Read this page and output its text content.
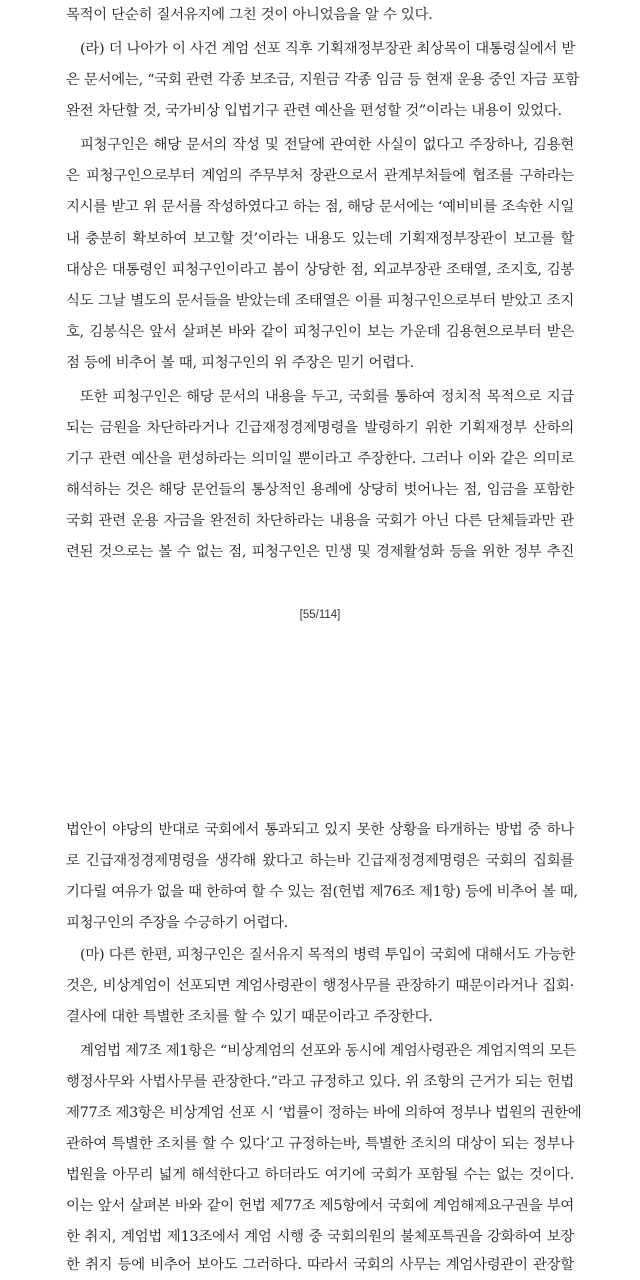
목적이 단순히 질서유지에 그친 것이 아니었음을 알 수 있다.
(라) 더 나아가 이 사건 계엄 선포 직후 기획재정부장관 최상목이 대통령실에서 받
은 문서에는, “국회 관련 각종 보조금, 지원금 각종 임금 등 현재 운용 중인 자금 포함
완전 차단할 것, 국가비상 입법기구 관련 예산을 편성할 것”이라는 내용이 있었다.
피청구인은 해당 문서의 작성 및 전달에 관여한 사실이 없다고 주장하나, 김용현
은 피청구인으로부터 계엄의 주무부처 장관으로서 관계부처들에 협조를 구하라는
지시를 받고 위 문서를 작성하였다고 하는 점, 해당 문서에는 ‘예비비를 조속한 시일
내 충분히 확보하여 보고할 것’이라는 내용도 있는데 기획재정부장관이 보고를 할
대상은 대통령인 피청구인이라고 봄이 상당한 점, 외교부장관 조태열, 조지호, 김봉
식도 그날 별도의 문서들을 받았는데 조태열은 이를 피청구인으로부터 받았고 조지
호, 김봉식은 앞서 살펴본 바와 같이 피청구인이 보는 가운데 김용현으로부터 받은
점 등에 비추어 볼 때, 피청구인의 위 주장은 믿기 어렵다.
또한 피청구인은 해당 문서의 내용을 두고, 국회를 통하여 정치적 목적으로 지급
되는 금원을 차단하라거나 긴급재정경제명령을 발령하기 위한 기획재정부 산하의
기구 관련 예산을 편성하라는 의미일 뿐이라고 주장한다. 그러나 이와 같은 의미로
해석하는 것은 해당 문언들의 통상적인 용례에 상당히 벗어나는 점, 임금을 포함한
국회 관련 운용 자금을 완전히 차단하라는 내용을 국회가 아닌 다른 단체들과만 관
련된 것으로는 볼 수 없는 점, 피청구인은 민생 및 경제활성화 등을 위한 정부 추진
[55/114]
법안이 야당의 반대로 국회에서 통과되고 있지 못한 상황을 타개하는 방법 중 하나
로 긴급재정경제명령을 생각해 왔다고 하는바 긴급재정경제명령은 국회의 집회를
기다릴 여유가 없을 때 한하여 할 수 있는 점(헌법 제76조 제1항) 등에 비추어 볼 때,
피청구인의 주장을 수긍하기 어렵다.
(마) 다른 한편, 피청구인은 질서유지 목적의 병력 투입이 국회에 대해서도 가능한
것은, 비상계엄이 선포되면 계엄사령관이 행정사무를 관장하기 때문이라거나 집회·
결사에 대한 특별한 조치를 할 수 있기 때문이라고 주장한다.
계엄법 제7조 제1항은 “비상계엄의 선포와 동시에 계엄사령관은 계엄지역의 모든
행정사무와 사법사무를 관장한다.”라고 규정하고 있다. 위 조항의 근거가 되는 헌법
제77조 제3항은 비상계엄 선포 시 ‘법률이 정하는 바에 의하여 정부나 법원의 권한에
관하여 특별한 조치를 할 수 있다’고 규정하는바, 특별한 조치의 대상이 되는 정부나
법원을 아무리 넓게 해석한다고 하더라도 여기에 국회가 포함될 수는 없는 것이다.
이는 앞서 살펴본 바와 같이 헌법 제77조 제5항에서 국회에 계엄해제요구권을 부여
한 취지, 계엄법 제13조에서 계엄 시행 중 국회의원의 불체포특권을 강화하여 보장
한 취지 등에 비추어 보아도 그러하다. 따라서 국회의 사무는 계엄사령관이 관장할
